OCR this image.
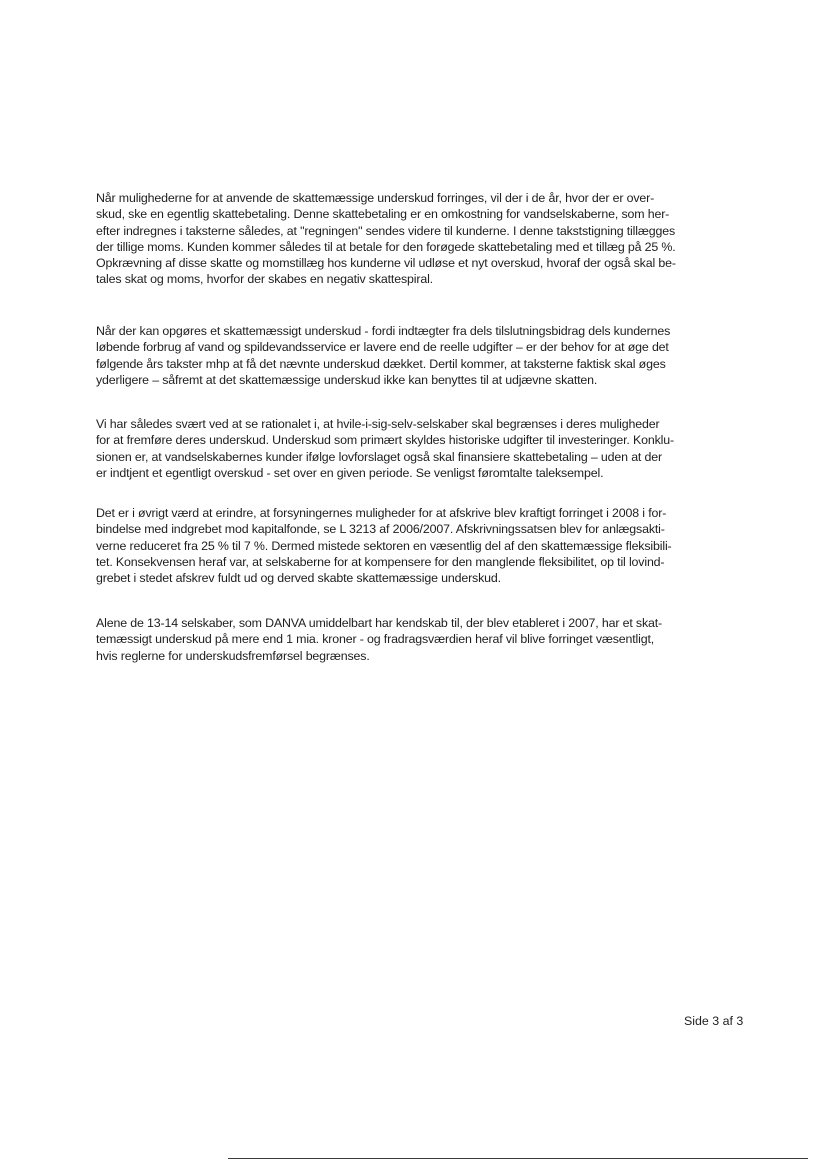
Når mulighederne for at anvende de skattemæssige underskud forringes, vil der i de år, hvor der er over-
skud, ske en egentlig skattebetaling. Denne skattebetaling er en omkostning for vandselskaberne, som her-
efter indregnes i taksterne således, at "regningen" sendes videre til kunderne. I denne takststigning tillægges
der tillige moms. Kunden kommer således til at betale for den forøgede skattebetaling med et tillæg på 25 %.
Opkrævning af disse skatte og momstillæg hos kunderne vil udløse et nyt overskud, hvoraf der også skal be-
tales skat og moms, hvorfor der skabes en negativ skattespiral.
Når der kan opgøres et skattemæssigt underskud - fordi indtægter fra dels tilslutningsbidrag dels kundernes
løbende forbrug af vand og spildevandsservice er lavere end de reelle udgifter – er der behov for at øge det
følgende års takster mhp at få det nævnte underskud dækket. Dertil kommer, at taksterne faktisk skal øges
yderligere – såfremt at det skattemæssige underskud ikke kan benyttes til at udjævne skatten.
Vi har således svært ved at se rationalet i, at hvile-i-sig-selv-selskaber skal begrænses i deres muligheder
for at fremføre deres underskud. Underskud som primært skyldes historiske udgifter til investeringer. Konklu-
sionen er, at vandselskabernes kunder ifølge lovforslaget også skal finansiere skattebetaling – uden at der
er indtjent et egentligt overskud - set over en given periode. Se venligst føromtalte taleksempel.
Det er i øvrigt værd at erindre, at forsyningernes muligheder for at afskrive blev kraftigt forringet i 2008 i for-
bindelse med indgrebet mod kapitalfonde, se L 3213 af 2006/2007. Afskrivningssatsen blev for anlægsakti-
verne reduceret fra 25 % til 7 %. Dermed mistede sektoren en væsentlig del af den skattemæssige fleksibili-
tet. Konsekvensen heraf var, at selskaberne for at kompensere for den manglende fleksibilitet, op til lovind-
grebet i stedet afskrev fuldt ud og derved skabte skattemæssige underskud.
Alene de 13-14 selskaber, som DANVA umiddelbart har kendskab til, der blev etableret i 2007, har et skat-
temæssigt underskud på mere end 1 mia. kroner - og fradragsværdien heraf vil blive forringet væsentligt,
hvis reglerne for underskudsfremførsel begrænses.
Side 3 af 3
